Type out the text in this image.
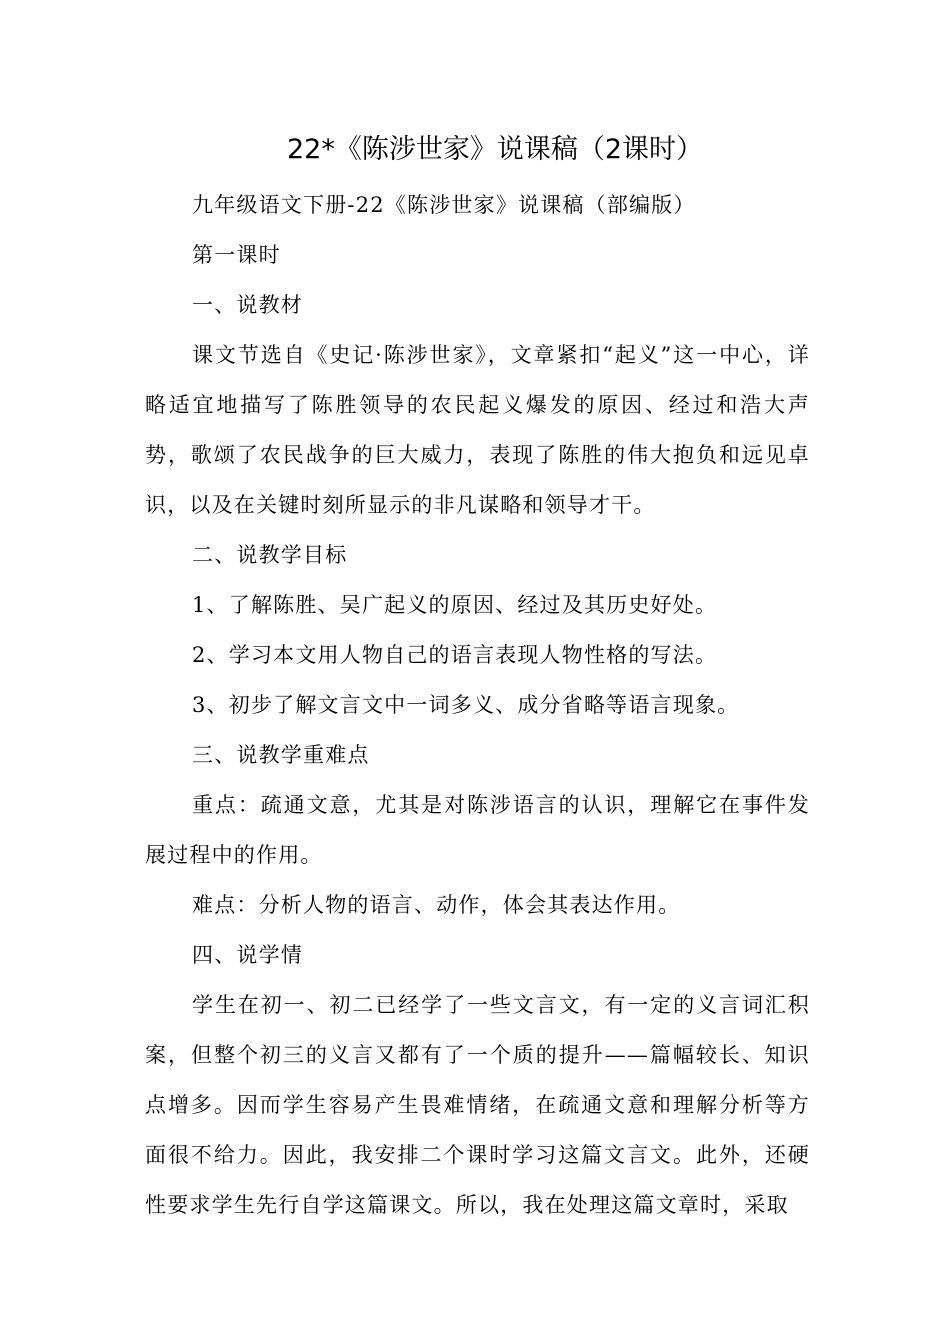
22*《陈涉世家》说课稿（2课时）

九年级语文下册-22《陈涉世家》说课稿（部编版）

第一课时

一、说教材

课文节选自《史记·陈涉世家》，文章紧扣“起义”这一中心，详略适宜地描写了陈胜领导的农民起义爆发的原因、经过和浩大声势，歌颂了农民战争的巨大威力，表现了陈胜的伟大抱负和远见卓识，以及在关键时刻所显示的非凡谋略和领导才干。

二、说教学目标

1、了解陈胜、吴广起义的原因、经过及其历史好处。

2、学习本文用人物自己的语言表现人物性格的写法。

3、初步了解文言文中一词多义、成分省略等语言现象。

三、说教学重难点

重点：疏通文意，尤其是对陈涉语言的认识，理解它在事件发展过程中的作用。

难点：分析人物的语言、动作，体会其表达作用。

四、说学情

学生在初一、初二已经学了一些文言文，有一定的义言词汇积案，但整个初三的义言又都有了一个质的提升——篇幅较长、知识点增多。因而学生容易产生畏难情绪，在疏通文意和理解分析等方面很不给力。因此，我安排二个课时学习这篇文言文。此外，还硬性要求学生先行自学这篇课文。所以，我在处理这篇文章时，采取
